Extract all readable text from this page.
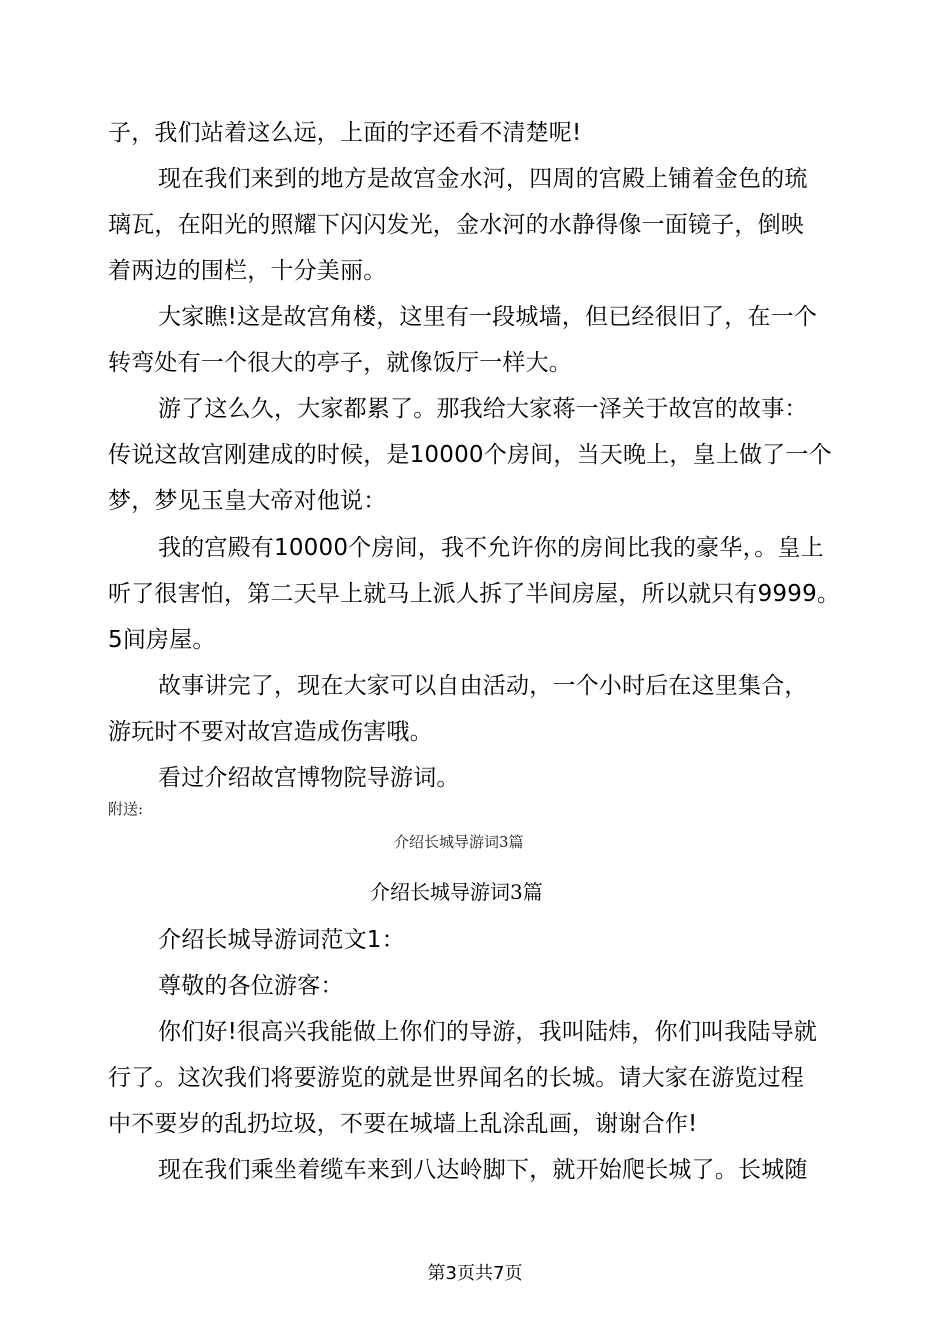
子，我们站着这么远，上面的字还看不清楚呢!
现在我们来到的地方是故宫金水河，四周的宫殿上铺着金色的琉
璃瓦，在阳光的照耀下闪闪发光，金水河的水静得像一面镜子，倒映
着两边的围栏，十分美丽。
大家瞧!这是故宫角楼，这里有一段城墙，但已经很旧了，在一个
转弯处有一个很大的亭子，就像饭厅一样大。
游了这么久，大家都累了。那我给大家蒋一泽关于故宫的故事：
传说这故宫刚建成的时候，是10000个房间，当天晚上，皇上做了一个
梦，梦见玉皇大帝对他说：
我的宫殿有10000个房间，我不允许你的房间比我的豪华，。皇上
听了很害怕，第二天早上就马上派人拆了半间房屋，所以就只有9999。
5间房屋。
故事讲完了，现在大家可以自由活动，一个小时后在这里集合，
游玩时不要对故宫造成伤害哦。
看过介绍故宫博物院导游词。
附送:
介绍长城导游词3篇
介绍长城导游词3篇
介绍长城导游词范文1：
尊敬的各位游客：
你们好!很高兴我能做上你们的导游，我叫陆炜，你们叫我陆导就
行了。这次我们将要游览的就是世界闻名的长城。请大家在游览过程
中不要岁的乱扔垃圾，不要在城墙上乱涂乱画，谢谢合作!
现在我们乘坐着缆车来到八达岭脚下，就开始爬长城了。长城随
第3页共7页
